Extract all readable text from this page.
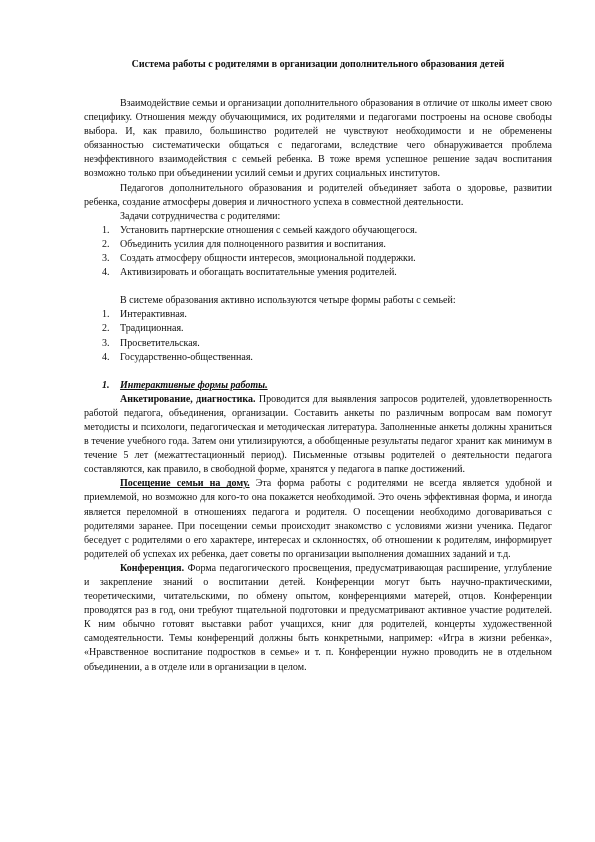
Система работы с родителями в организации дополнительного образования детей

Взаимодействие семьи и организации дополнительного образования в отличие от школы имеет свою специфику. Отношения между обучающимися, их родителями и педагогами построены на основе свободы выбора. И, как правило, большинство родителей не чувствуют необходимости и не обременены обязанностью систематически общаться с педагогами, вследствие чего обнаруживается проблема неэффективного взаимодействия с семьей ребенка. В тоже время успешное решение задач воспитания возможно только при объединении усилий семьи и других социальных институтов.

Педагогов дополнительного образования и родителей объединяет забота о здоровье, развитии ребенка, создание атмосферы доверия и личностного успеха в совместной деятельности.

Задачи сотрудничества с родителями:

1. Установить партнерские отношения с семьей каждого обучающегося.
2. Объединить усилия для полноценного развития и воспитания.
3. Создать атмосферу общности интересов, эмоциональной поддержки.
4. Активизировать и обогащать воспитательные умения родителей.

В системе образования активно используются четыре формы работы с семьей:

1. Интерактивная.
2. Традиционная.
3. Просветительская.
4. Государственно-общественная.
1. Интерактивные формы работы.

Анкетирование, диагностика. Проводится для выявления запросов родителей, удовлетворенность работой педагога, объединения, организации. Составить анкеты по различным вопросам вам помогут методисты и психологи, педагогическая и методическая литература. Заполненные анкеты должны храниться в течение учебного года. Затем они утилизируются, а обобщенные результаты педагог хранит как минимум в течение 5 лет (межаттестационный период). Письменные отзывы родителей о деятельности педагога составляются, как правило, в свободной форме, хранятся у педагога в папке достижений.

Посещение семьи на дому. Эта форма работы с родителями не всегда является удобной и приемлемой, но возможно для кого-то она покажется необходимой. Это очень эффективная форма, и иногда является переломной в отношениях педагога и родителя. О посещении необходимо договариваться с родителями заранее. При посещении семьи происходит знакомство с условиями жизни ученика. Педагог беседует с родителями о его характере, интересах и склонностях, об отношении к родителям, информирует родителей об успехах их ребенка, дает советы по организации выполнения домашних заданий и т.д.

Конференция. Форма педагогического просвещения, предусматривающая расширение, углубление и закрепление знаний о воспитании детей. Конференции могут быть научно-практическими, теоретическими, читательскими, по обмену опытом, конференциями матерей, отцов. Конференции проводятся раз в год, они требуют тщательной подготовки и предусматривают активное участие родителей. К ним обычно готовят выставки работ учащихся, книг для родителей, концерты художественной самодеятельности. Темы конференций должны быть конкретными, например: «Игра в жизни ребенка», «Нравственное воспитание подростков в семье» и т. п. Конференции нужно проводить не в отдельном объединении, а в отделе или в организации в целом.
